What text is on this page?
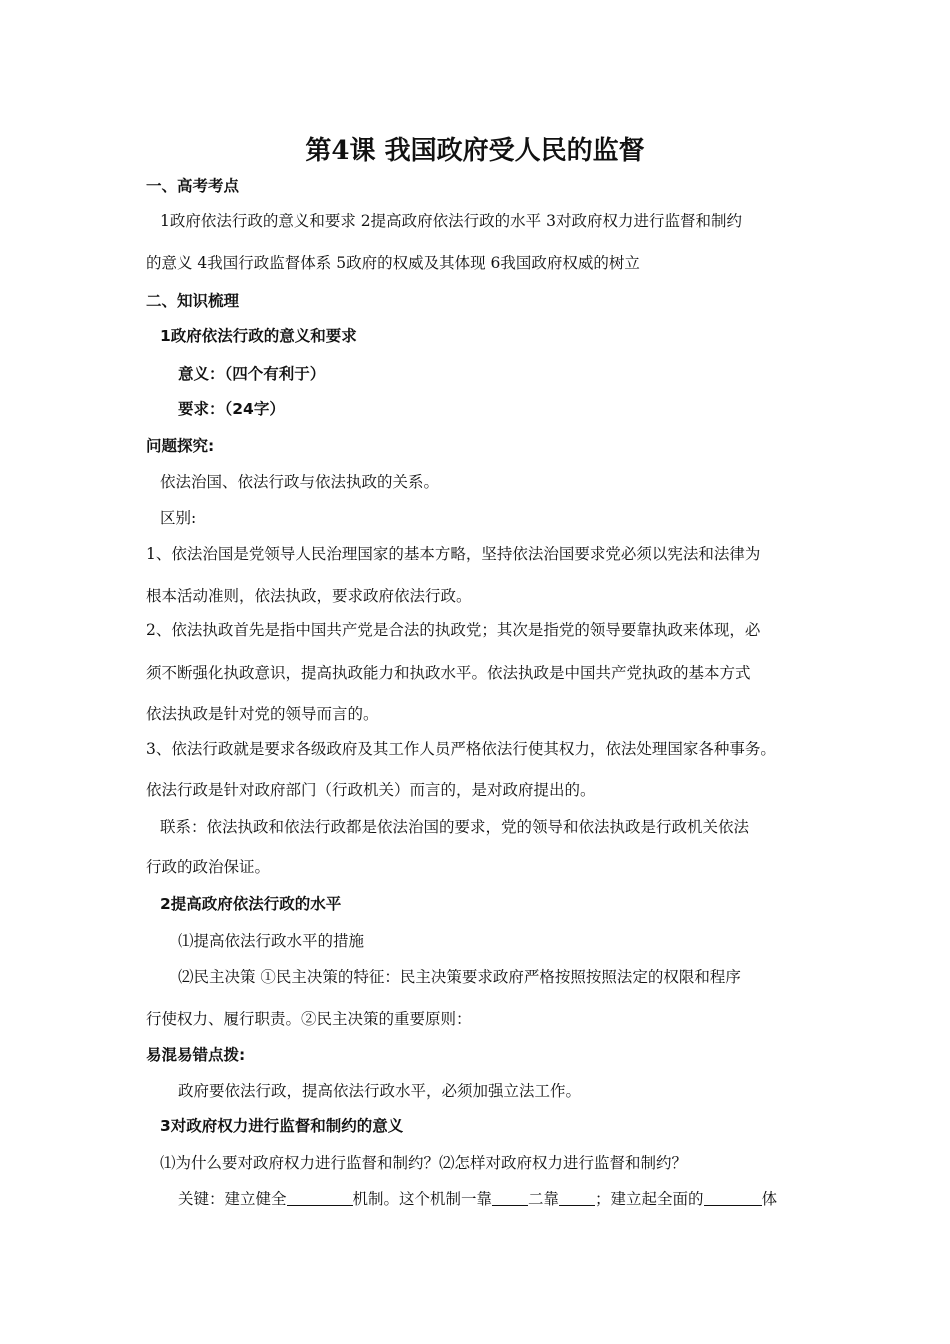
第4课 我国政府受人民的监督
一、高考考点
1政府依法行政的意义和要求 2提高政府依法行政的水平 3对政府权力进行监督和制约
的意义 4我国行政监督体系 5政府的权威及其体现 6我国政府权威的树立
二、知识梳理
1政府依法行政的意义和要求
意义：（四个有利于）
要求：（24字）
问题探究:
依法治国、依法行政与依法执政的关系。
区别:
1、依法治国是党领导人民治理国家的基本方略，坚持依法治国要求党必须以宪法和法律为
根本活动准则，依法执政，要求政府依法行政。
2、依法执政首先是指中国共产党是合法的执政党；其次是指党的领导要靠执政来体现，必
须不断强化执政意识，提高执政能力和执政水平。依法执政是中国共产党执政的基本方式
依法执政是针对党的领导而言的。
3、依法行政就是要求各级政府及其工作人员严格依法行使其权力，依法处理国家各种事务。
依法行政是针对政府部门（行政机关）而言的，是对政府提出的。
联系：依法执政和依法行政都是依法治国的要求，党的领导和依法执政是行政机关依法
行政的政治保证。
2提高政府依法行政的水平
⑴提高依法行政水平的措施
⑵民主决策 ①民主决策的特征：民主决策要求政府严格按照按照法定的权限和程序
行使权力、履行职责。②民主决策的重要原则：
易混易错点拨:
政府要依法行政，提高依法行政水平，必须加强立法工作。
3对政府权力进行监督和制约的意义
⑴为什么要对政府权力进行监督和制约？⑵怎样对政府权力进行监督和制约？
关键：建立健全	机制。这个机制一靠 二靠 ；建立起全面的	体
